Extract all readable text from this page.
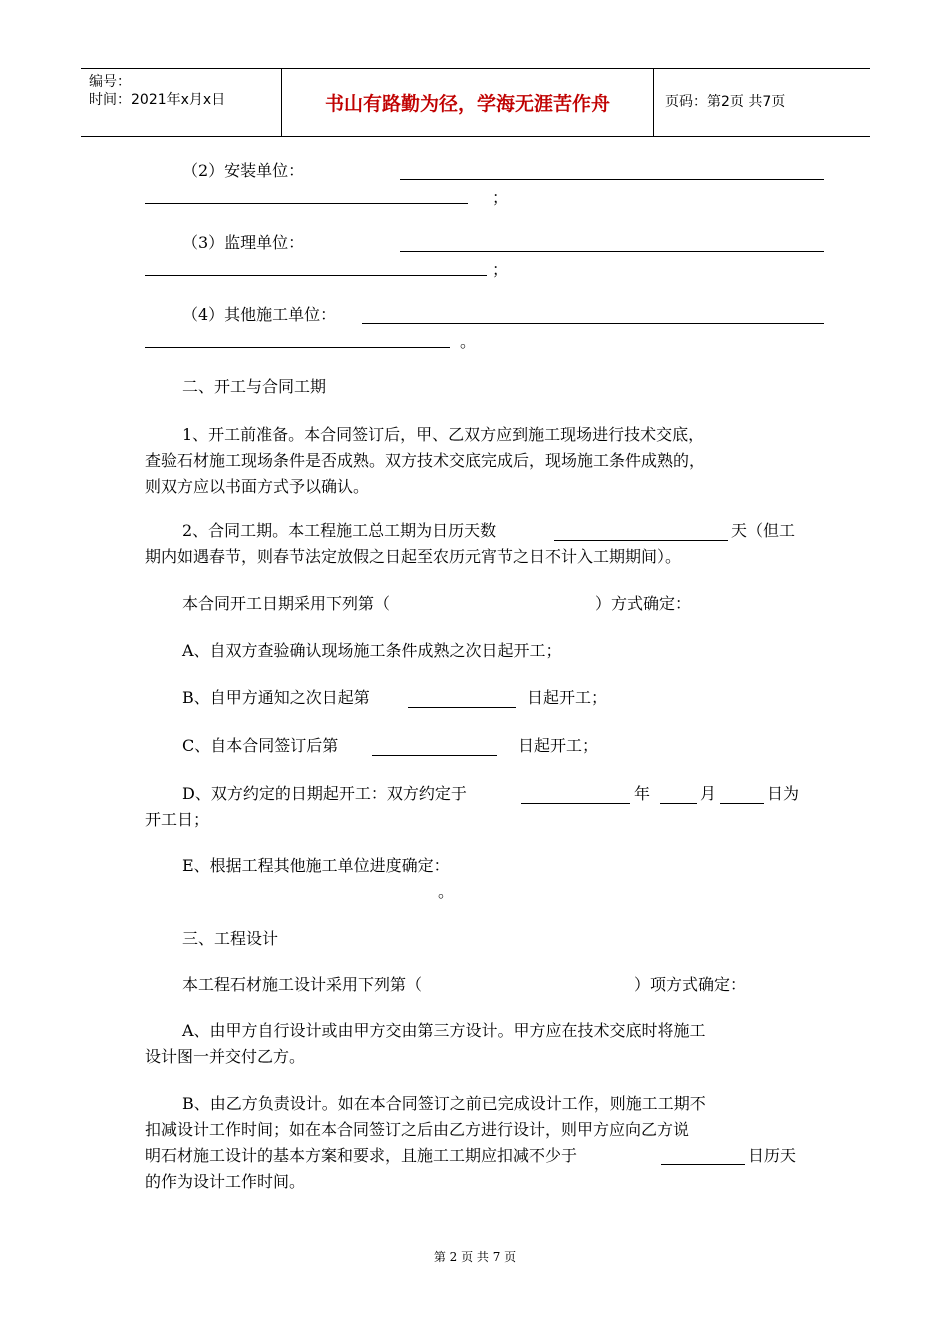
编号：
时间：2021年x月x日	书山有路勤为径，学海无涯苦作舟	页码：第2页 共7页
（2）安装单位：
；
（3）监理单位：
；
（4）其他施工单位：
。
二、开工与合同工期
1、开工前准备。本合同签订后，甲、乙双方应到施工现场进行技术交底，
查验石材施工现场条件是否成熟。双方技术交底完成后，现场施工条件成熟的，
则双方应以书面方式予以确认。
2、合同工期。本工程施工总工期为日历天数	天（但工
期内如遇春节，则春节法定放假之日起至农历元宵节之日不计入工期期间）。
本合同开工日期采用下列第（	）方式确定：
A、自双方查验确认现场施工条件成熟之次日起开工；
B、自甲方通知之次日起第	日起开工；
C、自本合同签订后第	日起开工；
D、双方约定的日期起开工：双方约定于	年	月	日为
开工日；
E、根据工程其他施工单位进度确定：
。
三、工程设计
本工程石材施工设计采用下列第（	）项方式确定：
A、由甲方自行设计或由甲方交由第三方设计。甲方应在技术交底时将施工
设计图一并交付乙方。
B、由乙方负责设计。如在本合同签订之前已完成设计工作，则施工工期不
扣减设计工作时间；如在本合同签订之后由乙方进行设计，则甲方应向乙方说
明石材施工设计的基本方案和要求，且施工工期应扣减不少于	日历天
的作为设计工作时间。
第 2 页 共 7 页
